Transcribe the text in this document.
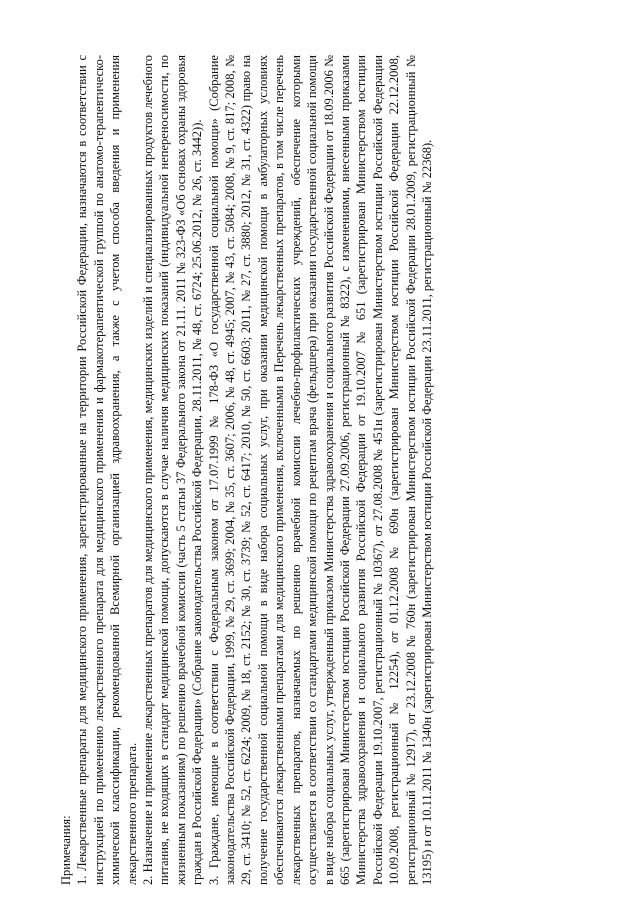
Примечания: 1. Лекарственные препараты для медицинского применения, зарегистрированные на территории Российской Федерации, назначаются в соответствии с инструкцией по применению лекарственного препарата для медицинского применения и фармакотерапевтической группой по анатомо-терапевтическо-химической классификации, рекомендованной Всемирной организацией здравоохранения, а также с учетом способа введения и применения лекарственного препарата. 2. Назначение и применение лекарственных препаратов для медицинского применения, медицинских изделий и специализированных продуктов лечебного питания, не входящих в стандарт медицинской помощи, допускаются в случае наличия медицинских показаний (индивидуальной непереносимости, по жизненным показаниям) по решению врачебной комиссии (часть 5 статьи 37 Федерального закона от 21.11. 2011 № 323-ФЗ «Об основах охраны здоровья граждан в Российской Федерации» (Собрание законодательства Российской Федерации, 28.11.2011, № 48, ст. 6724; 25.06.2012, № 26, ст. 3442)). 3. Граждане, имеющие в соответствии с Федеральным законом от 17.07.1999 № 178-ФЗ «О государственной социальной помощи» (Собрание законодательства Российской Федерации, 1999, № 29, ст. 3699; 2004, № 35, ст. 3607; 2006, № 48, ст. 4945; 2007, № 43, ст. 5084; 2008, № 9, ст. 817; 2008, № 29, ст. 3410; № 52, ст. 6224; 2009, № 18, ст. 2152; № 30, ст. 3739; № 52, ст. 6417; 2010, № 50, ст. 6603; 2011, № 27, ст. 3880; 2012, № 31, ст. 4322) право на получение государственной социальной помощи в виде набора социальных услуг, при оказании медицинской помощи в амбулаторных условиях обеспечиваются лекарственными препаратами для медицинского применения, включенными в Перечень лекарственных препаратов, в том числе перечень лекарственных препаратов, назначаемых по решению врачебной комиссии лечебно-профилактических учреждений, обеспечение которыми осуществляется в соответствии со стандартами медицинской помощи по рецептам врача (фельдшера) при оказании государственной социальной помощи в виде набора социальных услуг, утвержденный приказом Министерства здравоохранения и социального развития Российской Федерации от 18.09.2006 № 665 (зарегистрирован Министерством юстиции Российской Федерации 27.09.2006, регистрационный № 8322), с изменениями, внесенными приказами Министерства здравоохранения и социального развития Российской Федерации от 19.10.2007 № 651 (зарегистрирован Министерством юстиции Российской Федерации 19.10.2007, регистрационный № 10367), от 27.08.2008 № 451н (зарегистрирован Министерством юстиции Российской Федерации 10.09.2008, регистрационный № 12254), от 01.12.2008 № 690н (зарегистрирован Министерством юстиции Российской Федерации 22.12.2008, регистрационный № 12917), от 23.12.2008 № 760н (зарегистрирован Министерством юстиции Российской Федерации 28.01.2009, регистрационный № 13195) и от 10.11.2011 № 1340н (зарегистрирован Министерством юстиции Российской Федерации 23.11.2011, регистрационный № 22368).
